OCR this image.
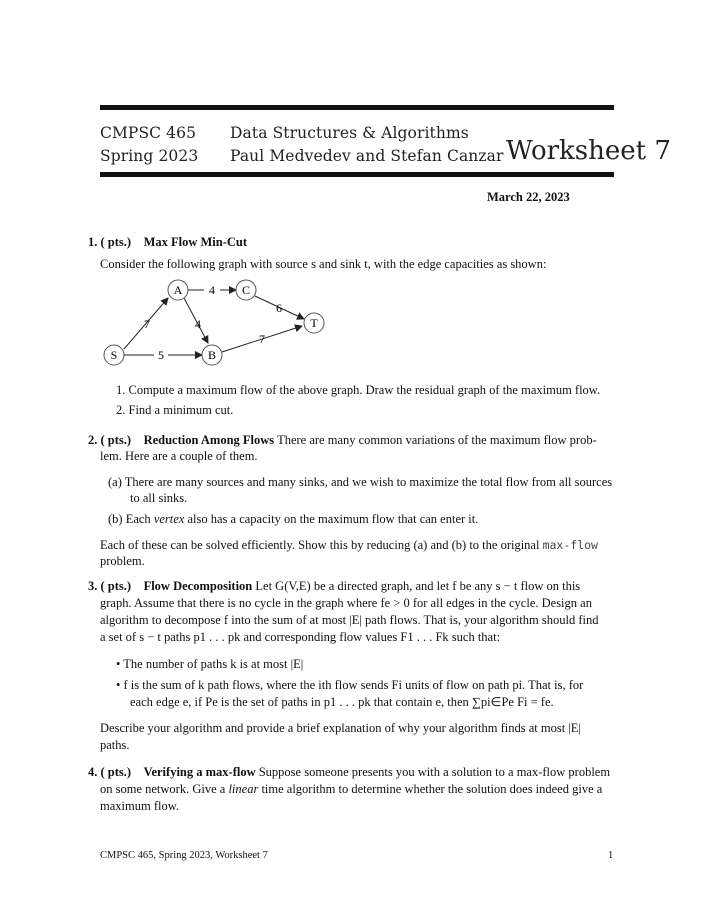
CMPSC 465
Spring 2023
Data Structures & Algorithms
Paul Medvedev and Stefan Canzar Worksheet 7
March 22, 2023
1. ( pts.) Max Flow Min-Cut
Consider the following graph with source s and sink t, with the edge capacities as shown:
A	C
T
S	B
4
6
7	4
7
5
1. Compute a maximum flow of the above graph. Draw the residual graph of the maximum flow.
2. Find a minimum cut.
2. ( pts.) Reduction Among Flows There are many common variations of the maximum flow prob-
lem. Here are a couple of them.
(a) There are many sources and many sinks, and we wish to maximize the total flow from all sources
to all sinks.
(b) Each vertex also has a capacity on the maximum flow that can enter it.
Each of these can be solved efficiently. Show this by reducing (a) and (b) to the original max-flow
problem.
3. ( pts.) Flow Decomposition Let G(V,E) be a directed graph, and let f be any s − t flow on this
graph. Assume that there is no cycle in the graph where fe > 0 for all edges in the cycle. Design an
algorithm to decompose f into the sum of at most |E| path flows. That is, your algorithm should find
a set of s − t paths p1 . . . pk and corresponding flow values F1 . . . Fk such that:
• The number of paths k is at most |E|
• f is the sum of k path flows, where the ith flow sends Fi units of flow on path pi. That is, for
each edge e, if Pe is the set of paths in p1 . . . pk that contain e, then ∑pi∈Pe Fi = fe.
Describe your algorithm and provide a brief explanation of why your algorithm finds at most |E|
paths.
4. ( pts.) Verifying a max-flow Suppose someone presents you with a solution to a max-flow problem
on some network. Give a linear time algorithm to determine whether the solution does indeed give a
maximum flow.
CMPSC 465, Spring 2023, Worksheet 7	1
